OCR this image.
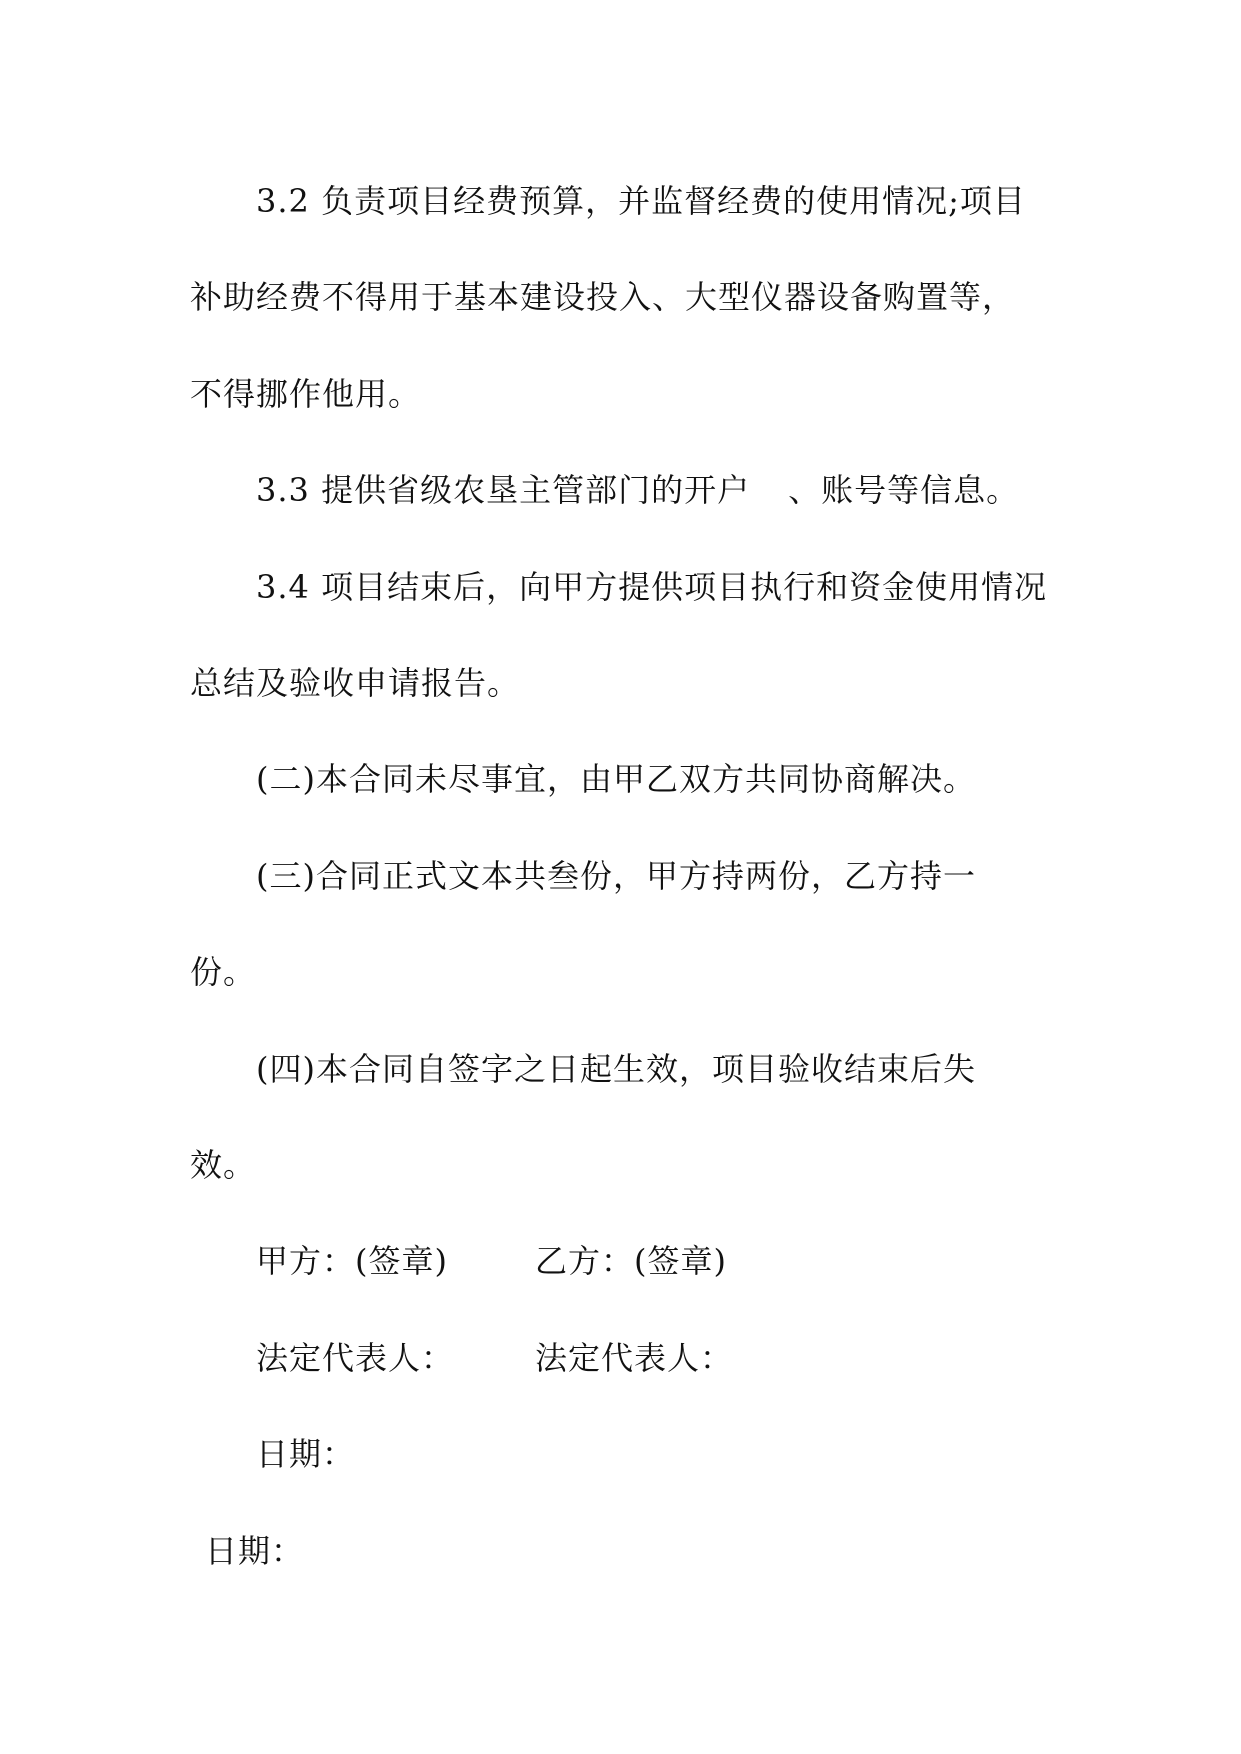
3.2 负责项目经费预算，并监督经费的使用情况;项目
补助经费不得用于基本建设投入、大型仪器设备购置等，
不得挪作他用。
3.3 提供省级农垦主管部门的开户 、账号等信息。
3.4 项目结束后，向甲方提供项目执行和资金使用情况
总结及验收申请报告。
(二)本合同未尽事宜，由甲乙双方共同协商解决。
(三)合同正式文本共叁份，甲方持两份，乙方持一
份。
(四)本合同自签字之日起生效，项目验收结束后失
效。
甲方：(签章)	乙方：(签章)
法定代表人：	法定代表人：
日期：
日期：
